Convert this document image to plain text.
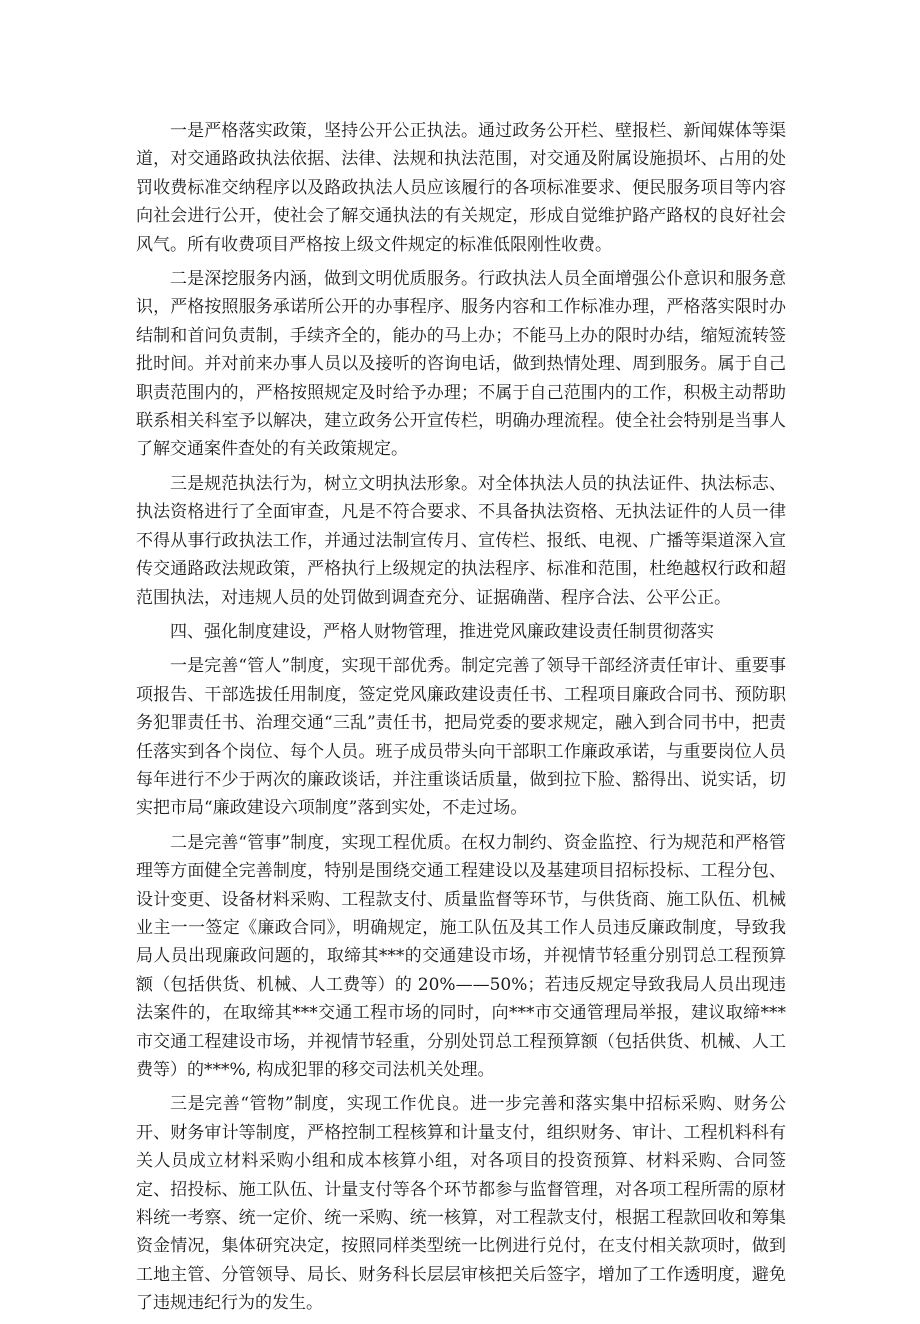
一是严格落实政策，坚持公开公正执法。通过政务公开栏、壁报栏、新闻媒体等渠道，对交通路政执法依据、法律、法规和执法范围，对交通及附属设施损坏、占用的处罚收费标准交纳程序以及路政执法人员应该履行的各项标准要求、便民服务项目等内容向社会进行公开，使社会了解交通执法的有关规定，形成自觉维护路产路权的良好社会风气。所有收费项目严格按上级文件规定的标准低限刚性收费。

二是深挖服务内涵，做到文明优质服务。行政执法人员全面增强公仆意识和服务意识，严格按照服务承诺所公开的办事程序、服务内容和工作标准办理，严格落实限时办结制和首问负责制，手续齐全的，能办的马上办；不能马上办的限时办结，缩短流转签批时间。并对前来办事人员以及接听的咨询电话，做到热情处理、周到服务。属于自己职责范围内的，严格按照规定及时给予办理；不属于自己范围内的工作，积极主动帮助联系相关科室予以解决，建立政务公开宣传栏，明确办理流程。使全社会特别是当事人了解交通案件查处的有关政策规定。

三是规范执法行为，树立文明执法形象。对全体执法人员的执法证件、执法标志、执法资格进行了全面审查，凡是不符合要求、不具备执法资格、无执法证件的人员一律不得从事行政执法工作，并通过法制宣传月、宣传栏、报纸、电视、广播等渠道深入宣传交通路政法规政策，严格执行上级规定的执法程序、标准和范围，杜绝越权行政和超范围执法，对违规人员的处罚做到调查充分、证据确凿、程序合法、公平公正。

四、强化制度建设，严格人财物管理，推进党风廉政建设责任制贯彻落实

一是完善“管人”制度，实现干部优秀。制定完善了领导干部经济责任审计、重要事项报告、干部选拔任用制度，签定党风廉政建设责任书、工程项目廉政合同书、预防职务犯罪责任书、治理交通“三乱”责任书，把局党委的要求规定，融入到合同书中，把责任落实到各个岗位、每个人员。班子成员带头向干部职工作廉政承诺，与重要岗位人员每年进行不少于两次的廉政谈话，并注重谈话质量，做到拉下脸、豁得出、说实话，切实把市局“廉政建设六项制度”落到实处，不走过场。

二是完善“管事”制度，实现工程优质。在权力制约、资金监控、行为规范和严格管理等方面健全完善制度，特别是围绕交通工程建设以及基建项目招标投标、工程分包、设计变更、设备材料采购、工程款支付、质量监督等环节，与供货商、施工队伍、机械业主一一签定《廉政合同》，明确规定，施工队伍及其工作人员违反廉政制度，导致我局人员出现廉政问题的，取缔其***的交通建设市场，并视情节轻重分别罚总工程预算额（包括供货、机械、人工费等）的 20%——50%；若违反规定导致我局人员出现违法案件的，在取缔其***交通工程市场的同时，向***市交通管理局举报，建议取缔***市交通工程建设市场，并视情节轻重，分别处罚总工程预算额（包括供货、机械、人工费等）的***%, 构成犯罪的移交司法机关处理。

三是完善“管物”制度，实现工作优良。进一步完善和落实集中招标采购、财务公开、财务审计等制度，严格控制工程核算和计量支付，组织财务、审计、工程机料科有关人员成立材料采购小组和成本核算小组，对各项目的投资预算、材料采购、合同签定、招投标、施工队伍、计量支付等各个环节都参与监督管理，对各项工程所需的原材料统一考察、统一定价、统一采购、统一核算，对工程款支付，根据工程款回收和筹集资金情况，集体研究决定，按照同样类型统一比例进行兑付，在支付相关款项时，做到工地主管、分管领导、局长、财务科长层层审核把关后签字，增加了工作透明度，避免了违规违纪行为的发生。
